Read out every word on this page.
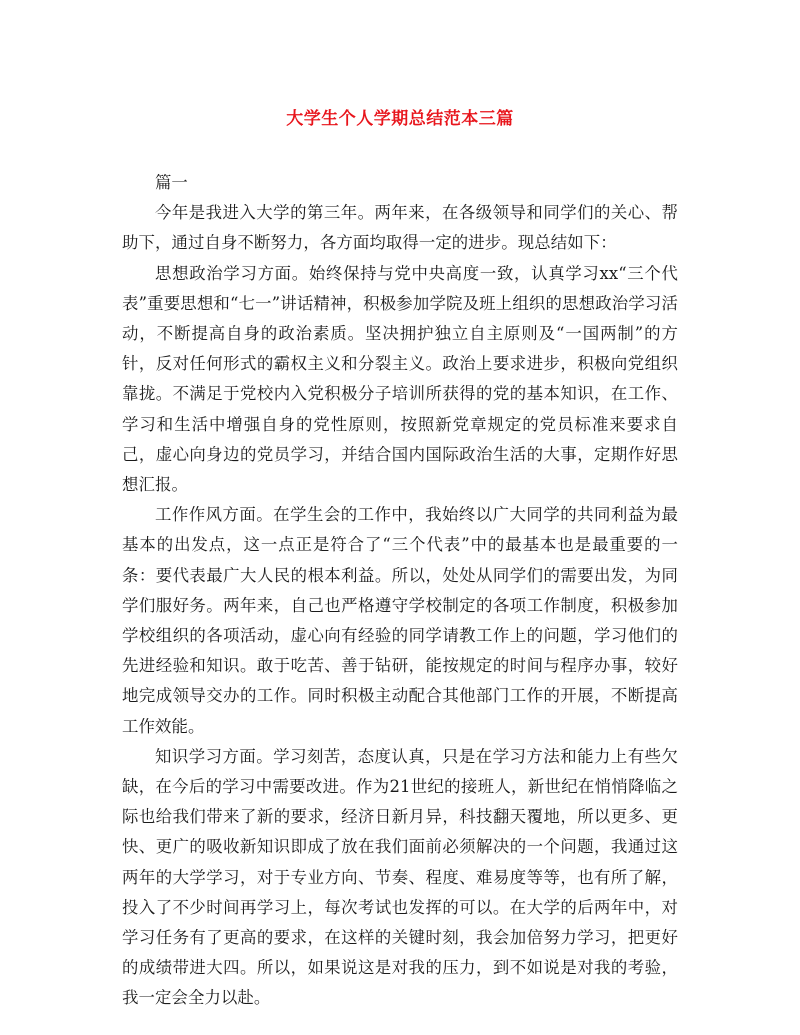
大学生个人学期总结范本三篇

篇一

今年是我进入大学的第三年。两年来，在各级领导和同学们的关心、帮助下，通过自身不断努力，各方面均取得一定的进步。现总结如下：

思想政治学习方面。始终保持与党中央高度一致，认真学习xx“三个代表”重要思想和“七一”讲话精神，积极参加学院及班上组织的思想政治学习活动，不断提高自身的政治素质。坚决拥护独立自主原则及“一国两制”的方针，反对任何形式的霸权主义和分裂主义。政治上要求进步，积极向党组织靠拢。不满足于党校内入党积极分子培训所获得的党的基本知识，在工作、学习和生活中增强自身的党性原则，按照新党章规定的党员标准来要求自己，虚心向身边的党员学习，并结合国内国际政治生活的大事，定期作好思想汇报。

工作作风方面。在学生会的工作中，我始终以广大同学的共同利益为最基本的出发点，这一点正是符合了“三个代表”中的最基本也是最重要的一条：要代表最广大人民的根本利益。所以，处处从同学们的需要出发，为同学们服好务。两年来，自己也严格遵守学校制定的各项工作制度，积极参加学校组织的各项活动，虚心向有经验的同学请教工作上的问题，学习他们的先进经验和知识。敢于吃苦、善于钻研，能按规定的时间与程序办事，较好地完成领导交办的工作。同时积极主动配合其他部门工作的开展，不断提高工作效能。

知识学习方面。学习刻苦，态度认真，只是在学习方法和能力上有些欠缺，在今后的学习中需要改进。作为21世纪的接班人，新世纪在悄悄降临之际也给我们带来了新的要求，经济日新月异，科技翻天覆地，所以更多、更快、更广的吸收新知识即成了放在我们面前必须解决的一个问题，我通过这两年的大学学习，对于专业方向、节奏、程度、难易度等等，也有所了解，投入了不少时间再学习上，每次考试也发挥的可以。在大学的后两年中，对学习任务有了更高的要求，在这样的关键时刻，我会加倍努力学习，把更好的成绩带进大四。所以，如果说这是对我的压力，到不如说是对我的考验，我一定会全力以赴。
